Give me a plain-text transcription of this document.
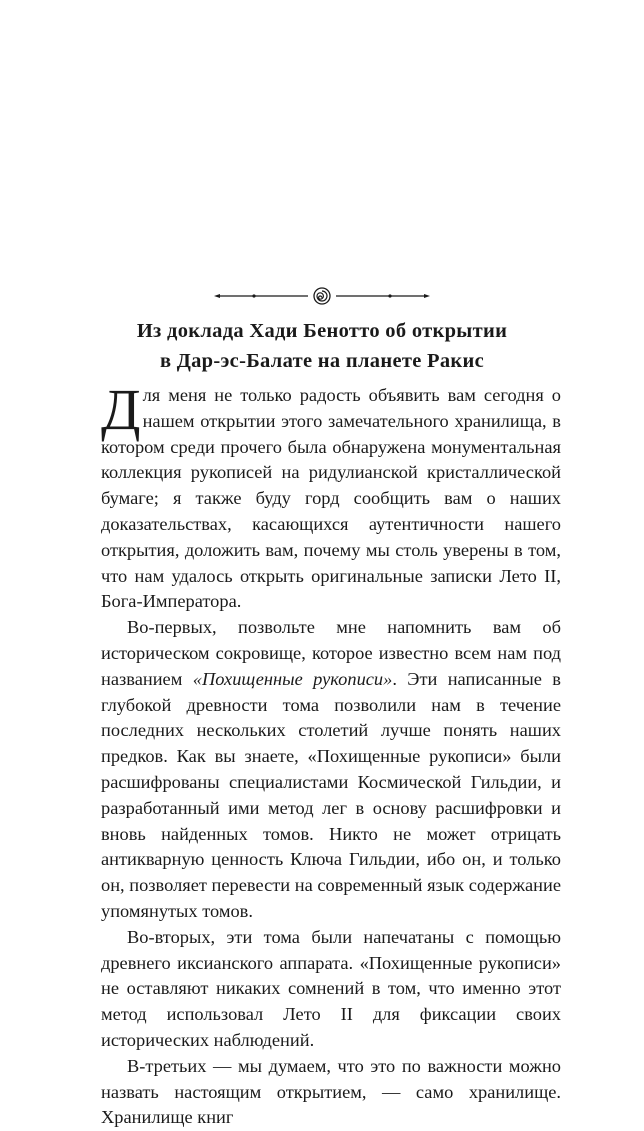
Из доклада Хади Бенотто об открытии
в Дар-эс-Балате на планете Ракис

Для меня не только радость объявить вам сегодня о нашем открытии этого замечательного хранилища, в котором среди прочего была обнаружена монументальная коллекция рукописей на ридулианской кристаллической бумаге; я также буду горд сообщить вам о наших доказательствах, касающихся аутентичности нашего открытия, доложить вам, почему мы столь уверены в том, что нам удалось открыть оригинальные записки Лето II, Бога-Императора.

Во-первых, позвольте мне напомнить вам об историческом сокровище, которое известно всем нам под названием «Похищенные рукописи». Эти написанные в глубокой древности тома позволили нам в течение последних нескольких столетий лучше понять наших предков. Как вы знаете, «Похищенные рукописи» были расшифрованы специалистами Космической Гильдии, и разработанный ими метод лег в основу расшифровки и вновь найденных томов. Никто не может отрицать антикварную ценность Ключа Гильдии, ибо он, и только он, позволяет перевести на современный язык содержание упомянутых томов.

Во-вторых, эти тома были напечатаны с помощью древнего иксианского аппарата. «Похищенные рукописи» не оставляют никаких сомнений в том, что именно этот метод использовал Лето II для фиксации своих исторических наблюдений.

В-третьих — мы думаем, что это по важности можно назвать настоящим открытием, — само хранилище. Хранилище книг
